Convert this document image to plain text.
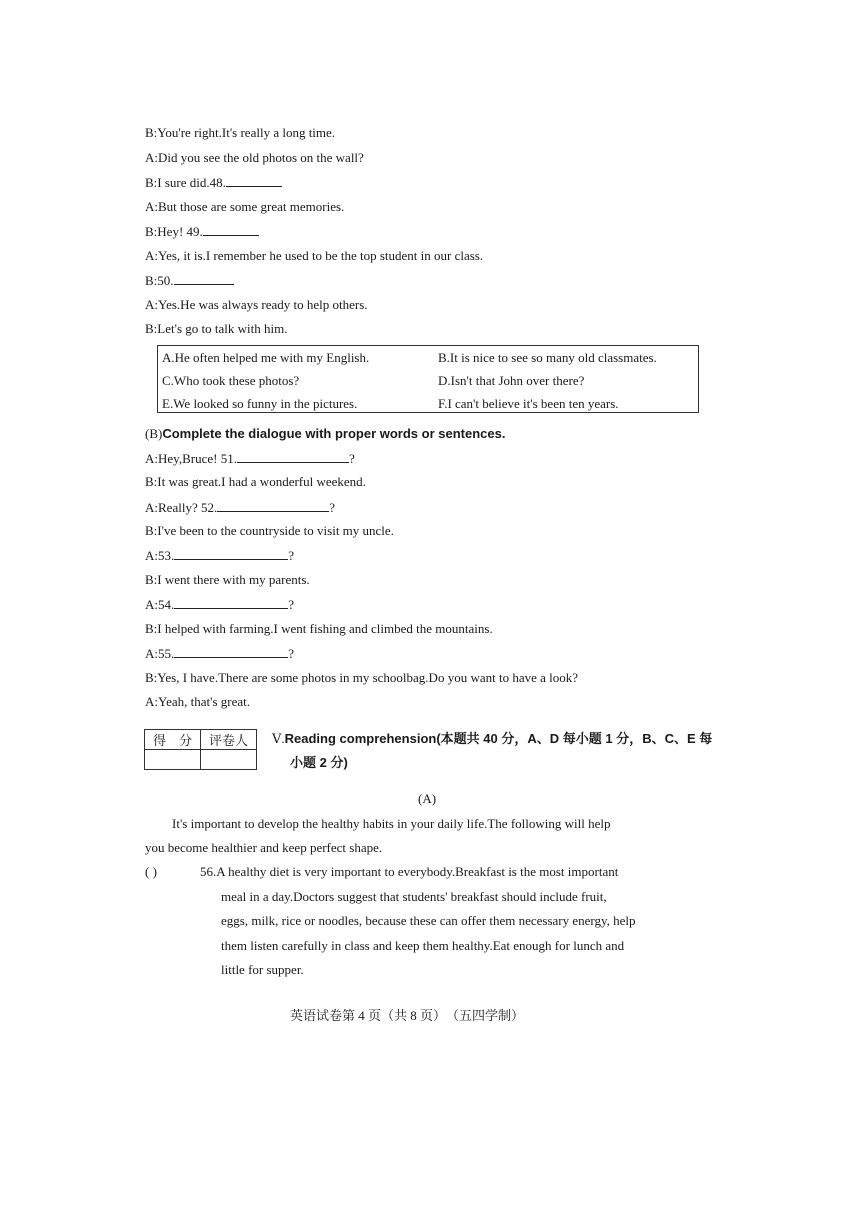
B:You're right.It's really a long time.
A:Did you see the old photos on the wall?
B:I sure did.48.
A:But those are some great memories.
B:Hey! 49.
A:Yes, it is.I remember he used to be the top student in our class.
B:50.
A:Yes.He was always ready to help others.
B:Let's go to talk with him.
A.He often helped me with my English.	B.It is nice to see so many old classmates.
C.Who took these photos?	D.Isn't that John over there?
E.We looked so funny in the pictures.	F.I can't believe it's been ten years.
(B)Complete the dialogue with proper words or sentences.
A:Hey,Bruce! 51.	?
B:It was great.I had a wonderful weekend.
A:Really? 52.	?
B:I've been to the countryside to visit my uncle.
A:53.	?
B:I went there with my parents.
A:54.	?
B:I helped with farming.I went fishing and climbed the mountains.
A:55.	?
B:Yes, I have.There are some photos in my schoolbag.Do you want to have a look?
A:Yeah, that's great.
得　分	评卷人
	Ⅴ.Reading comprehension(本题共 40 分，A、D 每小题 1 分，B、C、E 每
小题 2 分)
(A)
It's important to develop the healthy habits in your daily life.The following will help
you become healthier and keep perfect shape.
( )	56.A healthy diet is very important to everybody.Breakfast is the most important
meal in a day.Doctors suggest that students' breakfast should include fruit,
eggs, milk, rice or noodles, because these can offer them necessary energy, help
them listen carefully in class and keep them healthy.Eat enough for lunch and
little for supper.
英语试卷第 4 页（共 8 页）　（五四学制）
